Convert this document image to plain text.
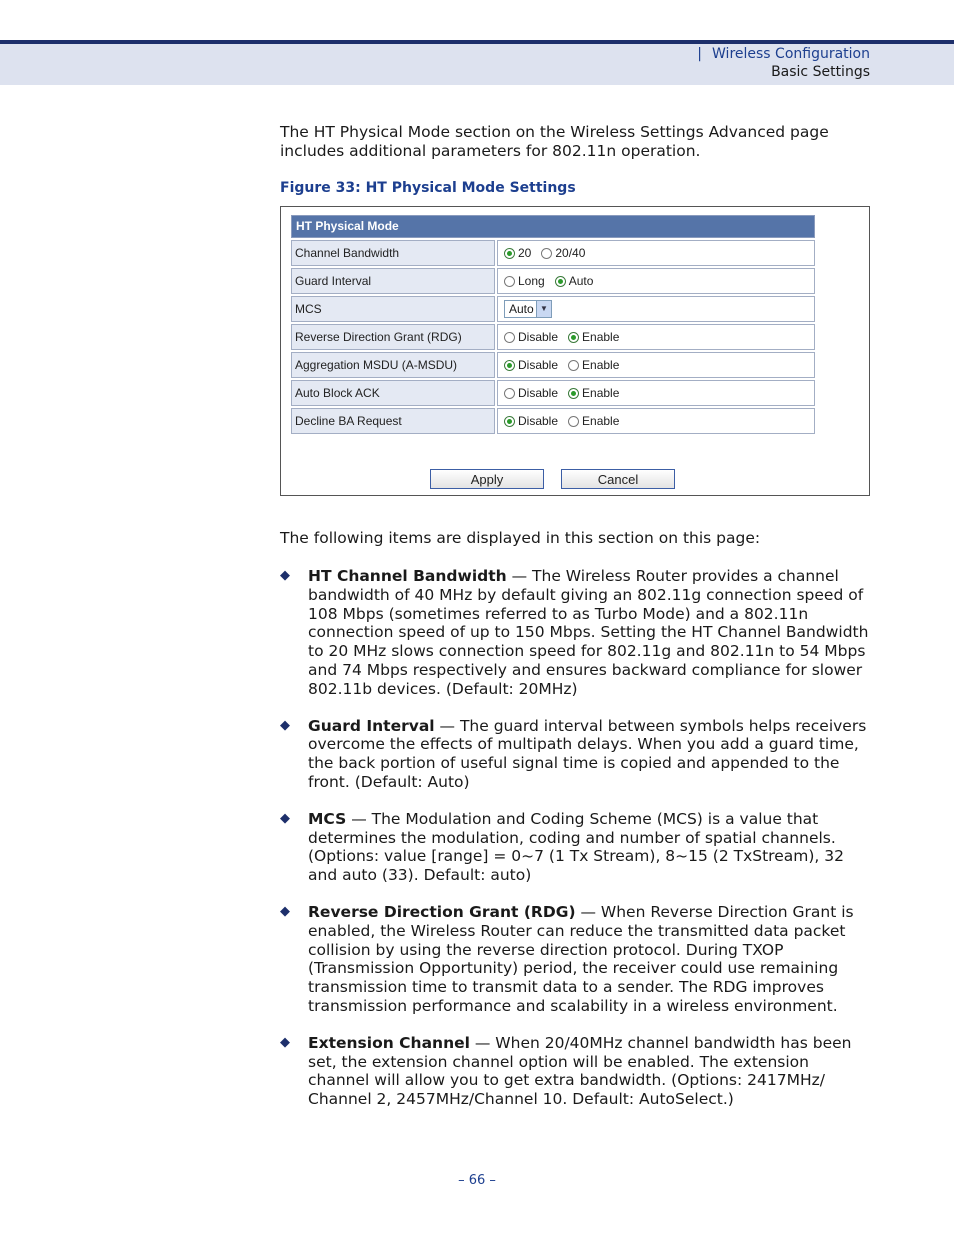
| Wireless Configuration
Basic Settings
The HT Physical Mode section on the Wireless Settings Advanced page includes additional parameters for 802.11n operation.
Figure 33: HT Physical Mode Settings
HT Physical Mode
Channel Bandwidth	20 20/40
Guard Interval	Long Auto
MCS	Auto ▼
Reverse Direction Grant (RDG)	Disable Enable
Aggregation MSDU (A-MSDU)	Disable Enable
Auto Block ACK	Disable Enable
Decline BA Request	Disable Enable
Apply	Cancel
The following items are displayed in this section on this page:
◆	HT Channel Bandwidth — The Wireless Router provides a channel bandwidth of 40 MHz by default giving an 802.11g connection speed of 108 Mbps (sometimes referred to as Turbo Mode) and a 802.11n connection speed of up to 150 Mbps. Setting the HT Channel Bandwidth to 20 MHz slows connection speed for 802.11g and 802.11n to 54 Mbps and 74 Mbps respectively and ensures backward compliance for slower 802.11b devices. (Default: 20MHz)
◆	Guard Interval — The guard interval between symbols helps receivers overcome the effects of multipath delays. When you add a guard time, the back portion of useful signal time is copied and appended to the front. (Default: Auto)
◆	MCS — The Modulation and Coding Scheme (MCS) is a value that determines the modulation, coding and number of spatial channels. (Options: value [range] = 0~7 (1 Tx Stream), 8~15 (2 TxStream), 32 and auto (33). Default: auto)
◆	Reverse Direction Grant (RDG) — When Reverse Direction Grant is enabled, the Wireless Router can reduce the transmitted data packet collision by using the reverse direction protocol. During TXOP (Transmission Opportunity) period, the receiver could use remaining transmission time to transmit data to a sender. The RDG improves transmission performance and scalability in a wireless environment.
◆	Extension Channel — When 20/40MHz channel bandwidth has been set, the extension channel option will be enabled. The extension channel will allow you to get extra bandwidth. (Options: 2417MHz/ Channel 2, 2457MHz/Channel 10. Default: AutoSelect.)
– 66 –
